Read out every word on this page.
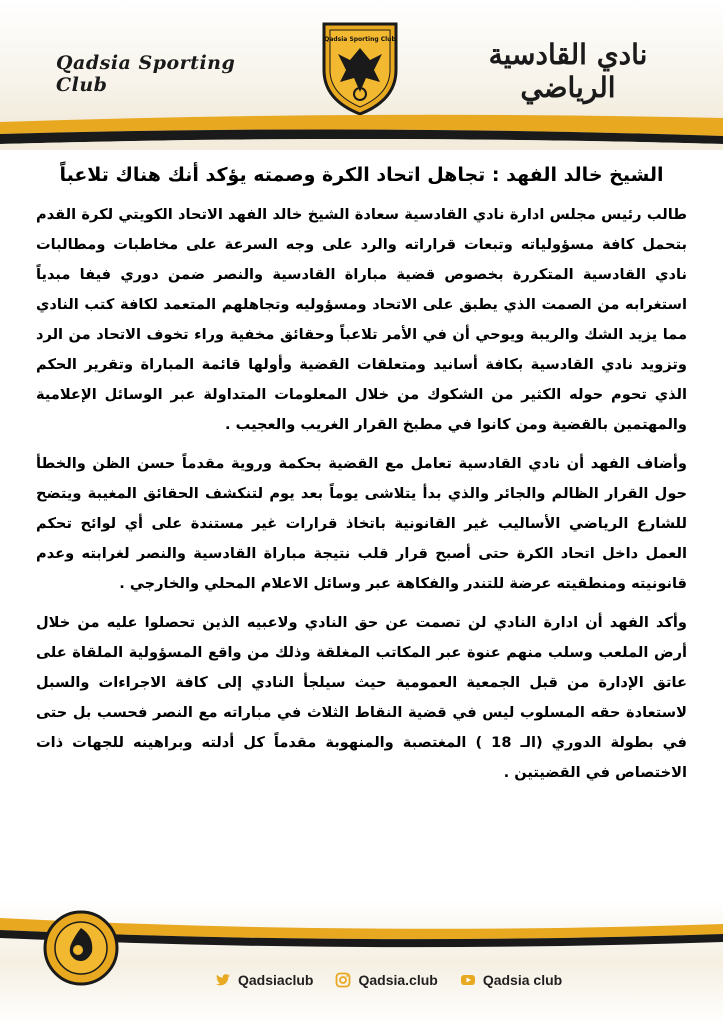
Qadsia Sporting Club
Qadsia Sporting Club	نادي القادسية الرياضي
الشيخ خالد الفهد : تجاهل اتحاد الكرة وصمته يؤكد أنك هناك تلاعباً

طالب رئيس مجلس ادارة نادي القادسية سعادة الشيخ خالد الفهد الاتحاد الكويتي لكرة القدم بتحمل كافة مسؤولياته وتبعات قراراته والرد على وجه السرعة على مخاطبات ومطالبات نادي القادسية المتكررة بخصوص قضية مباراة القادسية والنصر ضمن دوري فيفا مبدياً استغرابه من الصمت الذي يطبق على الاتحاد ومسؤوليه وتجاهلهم المتعمد لكافة كتب النادي مما يزيد الشك والريبة ويوحي أن في الأمر تلاعباً وحقائق مخفية وراء تخوف الاتحاد من الرد وتزويد نادي القادسية بكافة أسانيد ومتعلقات القضية وأولها قائمة المباراة وتقرير الحكم الذي تحوم حوله الكثير من الشكوك من خلال المعلومات المتداولة عبر الوسائل الإعلامية والمهتمين بالقضية ومن كانوا في مطبخ القرار الغريب والعجيب .

وأضاف الفهد أن نادي القادسية تعامل مع القضية بحكمة وروية مقدماً حسن الظن والخطأ حول القرار الظالم والجائر والذي بدأ يتلاشى يوماً بعد يوم لتنكشف الحقائق المغيبة ويتضح للشارع الرياضي الأساليب غير القانونية باتخاذ قرارات غير مستندة على أي لوائح تحكم العمل داخل اتحاد الكرة حتى أصبح قرار قلب نتيجة مباراة القادسية والنصر لغرابته وعدم قانونيته ومنطقيته عرضة للتندر والفكاهة عبر وسائل الاعلام المحلي والخارجي .

وأكد الفهد أن ادارة النادي لن تصمت عن حق النادي ولاعبيه الذين تحصلوا عليه من خلال أرض الملعب وسلب منهم عنوة عبر المكاتب المغلقة وذلك من واقع المسؤولية الملقاة على عاتق الإدارة من قبل الجمعية العمومية حيث سيلجأ النادي إلى كافة الاجراءات والسبل لاستعادة حقه المسلوب ليس في قضية النقاط الثلاث في مباراته مع النصر فحسب بل حتى في بطولة الدوري (الـ 18 ) المغتصبة والمنهوبة مقدماً كل أدلته وبراهينه للجهات ذات الاختصاص في القضيتين .

Qadsiaclub	Qadsia.club	Qadsia club
